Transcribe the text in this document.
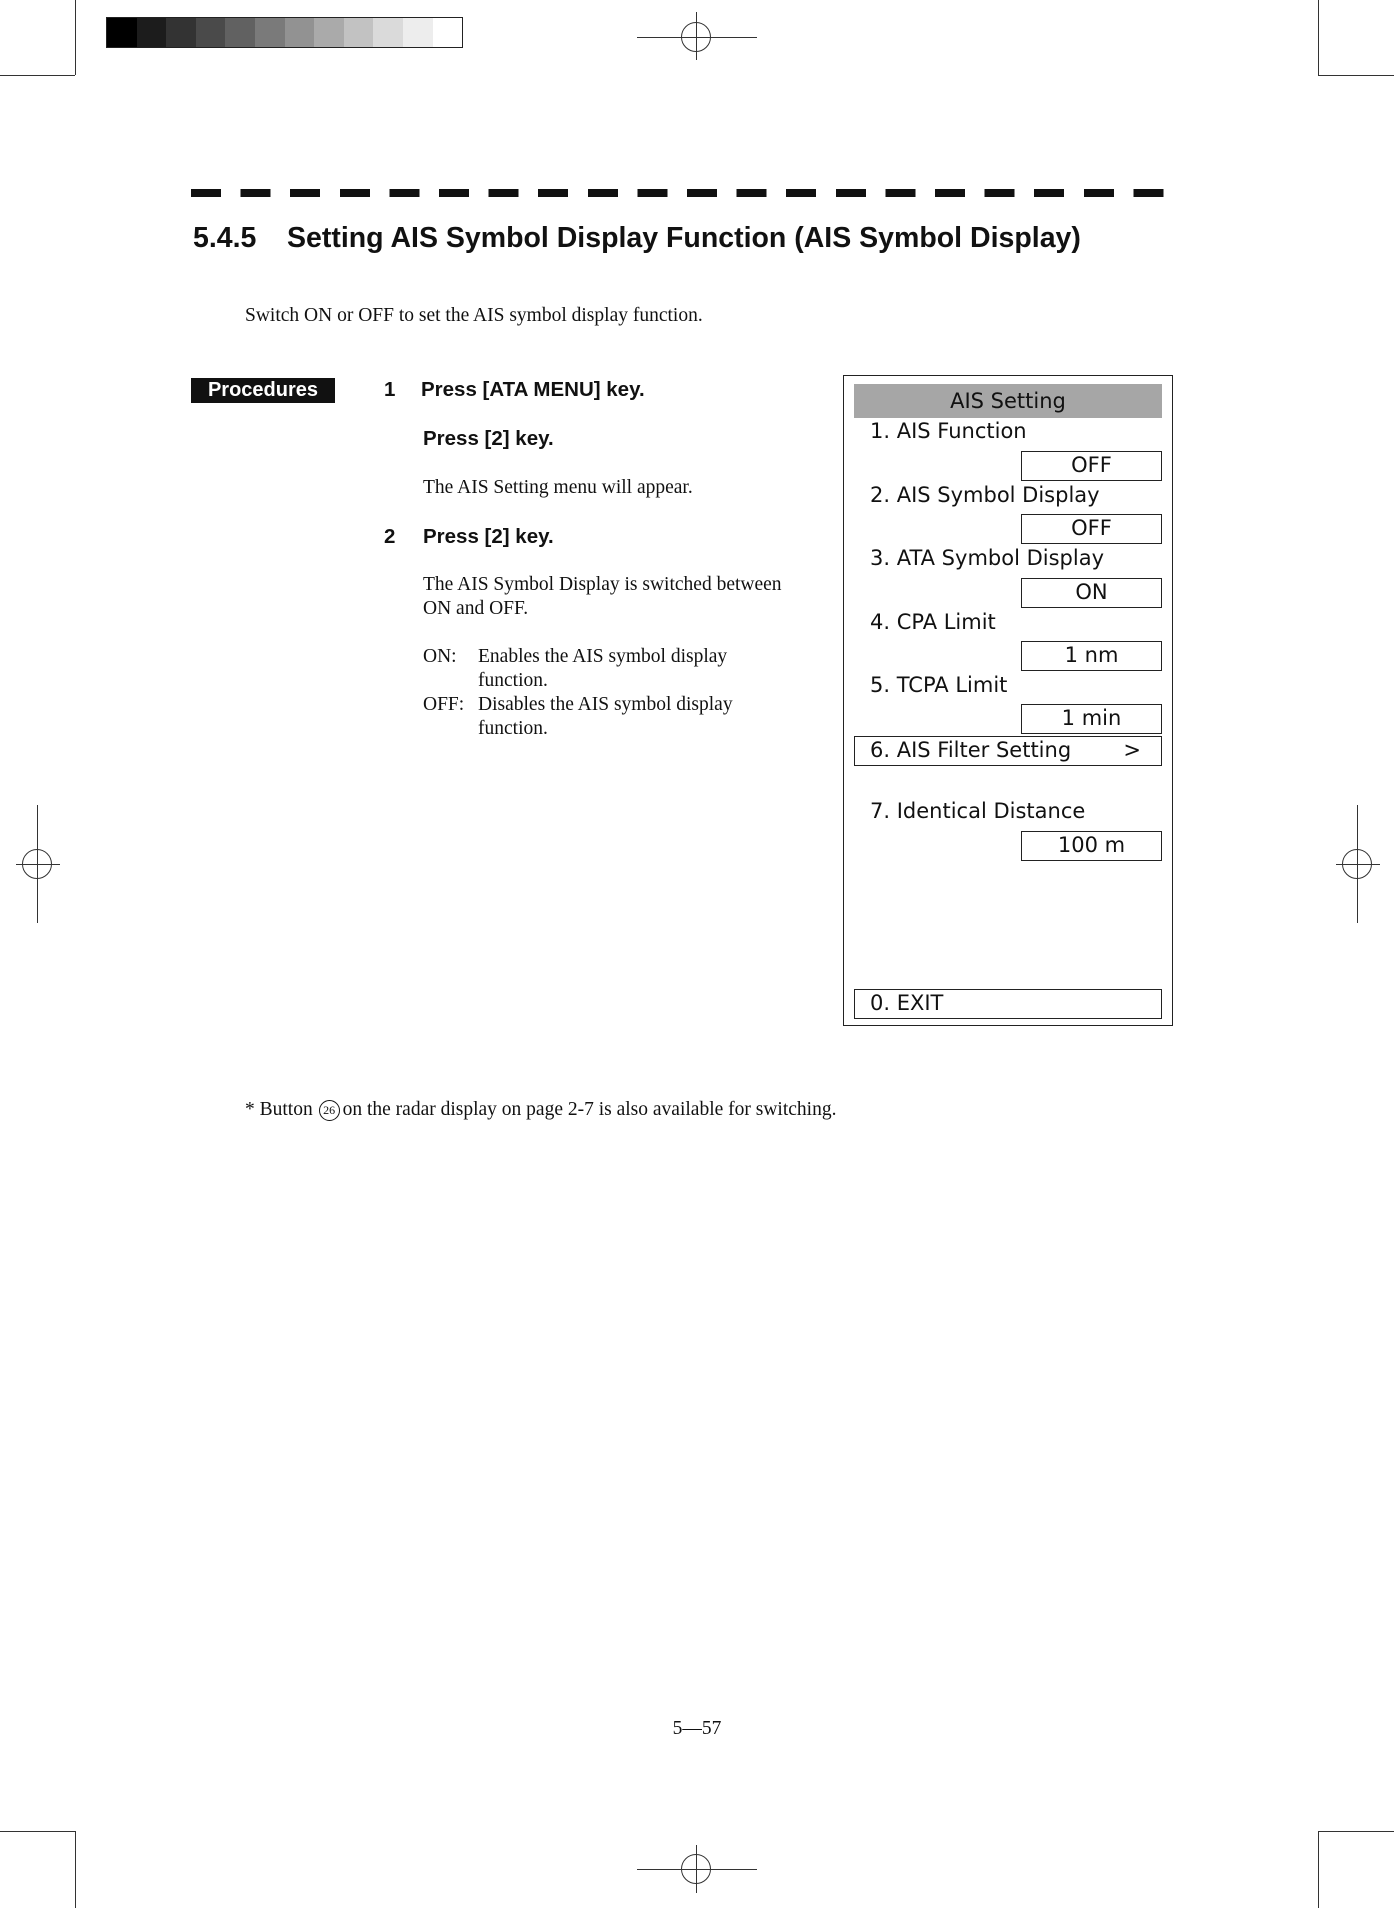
5.4.5 Setting AIS Symbol Display Function (AIS Symbol Display)
Switch ON or OFF to set the AIS symbol display function.
Procedures	1 Press [ATA MENU] key.
Press [2] key.
The AIS Setting menu will appear.
2 Press [2] key.
The AIS Symbol Display is switched between
ON and OFF.
ON: Enables the AIS symbol display
function.
OFF: Disables the AIS symbol display
function.
AIS Setting
1. AIS Function
OFF
2. AIS Symbol Display
OFF
3. ATA Symbol Display
ON
4. CPA Limit
1 nm
5. TCPA Limit
1 min
6. AIS Filter Setting >
7. Identical Distance
100 m
0. EXIT
* Button 26 on the radar display on page 2-7 is also available for switching.
5—57
